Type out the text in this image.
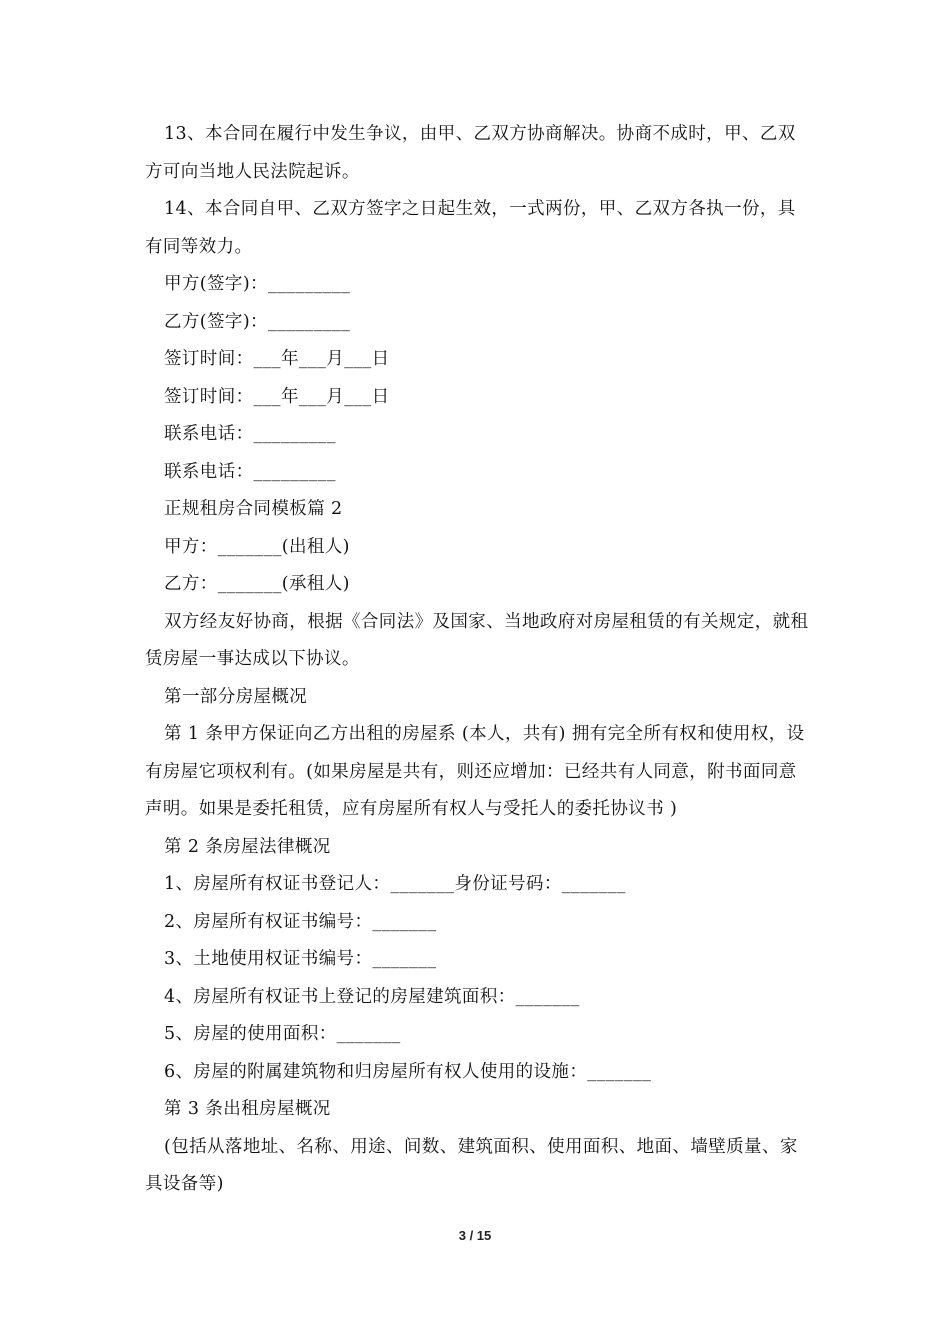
13、本合同在履行中发生争议，由甲、乙双方协商解决。协商不成时，甲、乙双方可向当地人民法院起诉。

14、本合同自甲、乙双方签字之日起生效，一式两份，甲、乙双方各执一份，具有同等效力。

甲方(签字)：_________

乙方(签字)：_________

签订时间：___年___月___日

签订时间：___年___月___日

联系电话：_________

联系电话：_________

正规租房合同模板篇 2

甲方：_______(出租人)

乙方：_______(承租人)

双方经友好协商，根据《合同法》及国家、当地政府对房屋租赁的有关规定，就租赁房屋一事达成以下协议。

第一部分房屋概况

第 1 条甲方保证向乙方出租的房屋系 (本人，共有) 拥有完全所有权和使用权，设有房屋它项权利有。(如果房屋是共有，则还应增加：已经共有人同意，附书面同意声明。如果是委托租赁，应有房屋所有权人与受托人的委托协议书 )

第 2 条房屋法律概况

1、房屋所有权证书登记人：_______身份证号码：_______

2、房屋所有权证书编号：_______

3、土地使用权证书编号：_______

4、房屋所有权证书上登记的房屋建筑面积：_______

5、房屋的使用面积：_______

6、房屋的附属建筑物和归房屋所有权人使用的设施：_______

第 3 条出租房屋概况

(包括从落地址、名称、用途、间数、建筑面积、使用面积、地面、墙壁质量、家具设备等)

3 / 15
